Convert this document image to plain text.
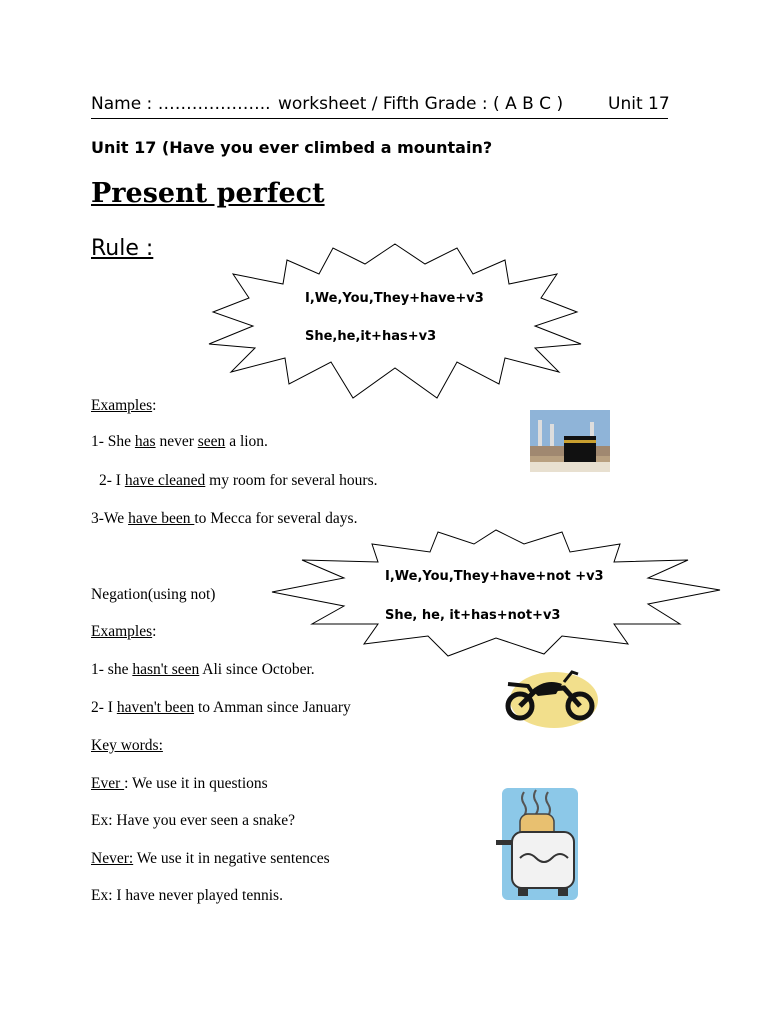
Name : ……………….. worksheet / Fifth Grade : ( A B C )	Unit 17
Unit 17 (Have you ever climbed a mountain?
Present perfect
Rule :
I,We,You,They+have+v3
She,he,it+has+v3
Examples:
1- She has never seen a lion.
2- I have cleaned my room for several hours.
3-We have been to Mecca for several days.
I,We,You,They+have+not +v3
She, he, it+has+not+v3
Negation(using not)
Examples:
1- she hasn't seen Ali since October.
2- I haven't been to Amman since January
Key words:
Ever : We use it in questions
Ex: Have you ever seen a snake?
Never: We use it in negative sentences
Ex: I have never played tennis.
